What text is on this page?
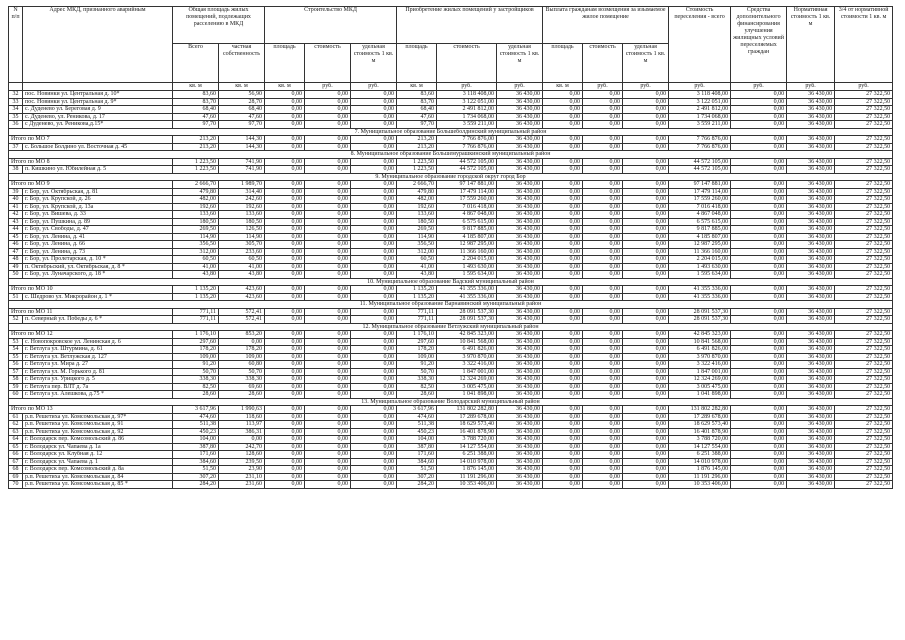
N п/п	Адрес МКД, признанного аварийным	Общая площадь жилых помещений, подлежащих расселению в МКД		Строительство МКД			Приобретение жилых помещений у застройщиков			Выплата гражданам возмещения за изымаемое жилое помещение			Стоимость переселения - всего	Средства дополнительного финансирования улучшения жилищных условий переселяемых граждан	Нормативная стоимость 1 кв. м	3/4 от нормативной стоимости 1 кв. м
		Всего	частная собственность	площадь	стоимость	удельная стоимость 1 кв. м	площадь	стоимость	удельная стоимость 1 кв. м	площадь	стоимость	удельная стоимость 1 кв. м				
		кв. м	кв. м	кв. м	руб.	руб.	кв. м	руб.	руб.	кв. м	руб.	руб.	руб.	руб.	руб.	руб.
32	пос. Новинки ул. Центральная д. 10*	83,60	56,90	0,00	0,00	0,00	83,60	3 118 408,00	36 430,00	0,00	0,00	0,00	3 118 408,00	0,00	36 430,00	27 322,50
33	пос. Новинки ул. Центральная д. 9*	83,70	28,70	0,00	0,00	0,00	83,70	3 122 051,00	36 430,00	0,00	0,00	0,00	3 122 051,00	0,00	36 430,00	27 322,50
34	с. Дуденево ул. Береговая д. 9	68,40	68,40	0,00	0,00	0,00	68,40	2 491 812,00	36 430,00	0,00	0,00	0,00	2 491 812,00	0,00	36 430,00	27 322,50
35	с. Дуденево, ул. Реникова, д. 17	47,60	47,60	0,00	0,00	0,00	47,60	1 734 068,00	36 430,00	0,00	0,00	0,00	1 734 068,00	0,00	36 430,00	27 322,50
36	с Дуденево, ул. Реникова,д.15*	97,70	97,70	0,00	0,00	0,00	97,70	3 559 211,00	36 430,00	0,00	0,00	0,00	3 559 211,00	0,00	36 430,00	27 322,50
7. Муниципальное образование Большеболдинский муниципальный район																
Итого по МО 7		213,20	144,30	0,00	0,00	0,00	213,20	7 766 876,00	36 430,00	0,00	0,00	0,00	7 766 876,00	0,00	36 430,00	27 322,50
37	с. Большое Болдино ул. Восточная д. 45	213,20	144,30	0,00	0,00	0,00	213,20	7 766 876,00	36 430,00	0,00	0,00	0,00	7 766 876,00	0,00	36 430,00	27 322,50
8. Муниципальное образование Большемурашкинский муниципальный район																
Итого по МО 8		1 223,50	741,90	0,00	0,00	0,00	1 223,50	44 572 105,00	36 430,00	0,00	0,00	0,00	44 572 105,00	0,00	36 430,00	27 322,50
38	п. Кишкино ул. Юбилейная д. 5	1 223,50	741,90	0,00	0,00	0,00	1 223,50	44 572 105,00	36 430,00	0,00	0,00	0,00	44 572 105,00	0,00	36 430,00	27 322,50
9. Муниципальное образование городской округ город Бор																
Итого по МО 9		2 666,70	1 989,70	0,00	0,00	0,00	2 666,70	97 147 881,00	36 430,00	0,00	0,00	0,00	97 147 881,00	0,00	36 430,00	27 322,50
39	г. Бор, ул. Октябрьская, д. 81	479,80	314,40	0,00	0,00	0,00	479,80	17 479 114,00	36 430,00	0,00	0,00	0,00	17 479 114,00	0,00	36 430,00	27 322,50
40	г. Бор, ул. Крупской, д. 26	482,00	242,60	0,00	0,00	0,00	482,00	17 559 260,00	36 430,00	0,00	0,00	0,00	17 559 260,00	0,00	36 430,00	27 322,50
41	г. Бор, ул. Крупской, д. 13а	192,60	192,60	0,00	0,00	0,00	192,60	7 016 418,00	36 430,00	0,00	0,00	0,00	7 016 418,00	0,00	36 430,00	27 322,50
42	г. Бор, ул. Вишева, д. 33	133,60	133,60	0,00	0,00	0,00	133,60	4 867 048,00	36 430,00	0,00	0,00	0,00	4 867 048,00	0,00	36 430,00	27 322,50
43	г. Бор, ул. Пушкина, д. 89	180,50	180,50	0,00	0,00	0,00	180,50	6 575 615,00	36 430,00	0,00	0,00	0,00	6 575 615,00	0,00	36 430,00	27 322,50
44	г. Бор, ул. Свободы, д. 47	269,50	126,50	0,00	0,00	0,00	269,50	9 817 885,00	36 430,00	0,00	0,00	0,00	9 817 885,00	0,00	36 430,00	27 322,50
45	г. Бор, ул. Ленина, д. 41	114,90	114,90	0,00	0,00	0,00	114,90	4 185 807,00	36 430,00	0,00	0,00	0,00	4 185 807,00	0,00	36 430,00	27 322,50
46	г. Бор, ул. Ленина, д. 66	356,50	305,70	0,00	0,00	0,00	356,50	12 987 295,00	36 430,00	0,00	0,00	0,00	12 987 295,00	0,00	36 430,00	27 322,50
47	г. Бор, ул. Ленина, д. 73	312,00	233,60	0,00	0,00	0,00	312,00	11 366 160,00	36 430,00	0,00	0,00	0,00	11 366 160,00	0,00	36 430,00	27 322,50
48	г. Бор, ул. Пролетарская, д. 10 *	60,50	60,50	0,00	0,00	0,00	60,50	2 204 015,00	36 430,00	0,00	0,00	0,00	2 204 015,00	0,00	36 430,00	27 322,50
49	п. Октябрьский, ул. Октябрьская, д. 8 *	41,00	41,00	0,00	0,00	0,00	41,00	1 493 630,00	36 430,00	0,00	0,00	0,00	1 493 630,00	0,00	36 430,00	27 322,50
50	г. Бор, ул. Луначарского, д. 18 *	43,80	43,80	0,00	0,00	0,00	43,80	1 595 634,00	36 430,00	0,00	0,00	0,00	1 595 634,00	0,00	36 430,00	27 322,50
10. Муниципальное образование Вадский муниципальный район																
Итого по МО 10		1 135,20	423,60	0,00	0,00	0,00	1 135,20	41 355 336,00	36 430,00	0,00	0,00	0,00	41 355 336,00	0,00	36 430,00	27 322,50
51	с. Шедрово ул. Микрорайон д. 1 *	1 135,20	423,60	0,00	0,00	0,00	1 135,20	41 355 336,00	36 430,00	0,00	0,00	0,00	41 355 336,00	0,00	36 430,00	27 322,50
11. Муниципальное образование Варнавинский муниципальный район																
Итого по МО 11		771,11	572,41	0,00	0,00	0,00	771,11	28 091 537,30	36 430,00	0,00	0,00	0,00	28 091 537,30	0,00	36 430,00	27 322,50
52	п. Северный ул. Победы д. 6 *	771,11	572,41	0,00	0,00	0,00	771,11	28 091 537,30	36 430,00	0,00	0,00	0,00	28 091 537,30	0,00	36 430,00	27 322,50
12. Муниципальное образование Ветлужский муниципальный район																
Итого по МО 12		1 176,10	853,20	0,00	0,00	0,00	1 176,10	42 845 323,00	36 430,00	0,00	0,00	0,00	42 845 323,00	0,00	36 430,00	27 322,50
53	с. Новопокровское ул. Ленинская д. 6	297,60	0,00	0,00	0,00	0,00	297,60	10 841 568,00	36 430,00	0,00	0,00	0,00	10 841 568,00	0,00	36 430,00	27 322,50
54	г. Ветлуга ул. Штурмина, д. 61	178,20	178,20	0,00	0,00	0,00	178,20	6 491 826,00	36 430,00	0,00	0,00	0,00	6 491 826,00	0,00	36 430,00	27 322,50
55	г. Ветлуга ул. Ветлужская д. 127	109,00	109,00	0,00	0,00	0,00	109,00	3 970 870,00	36 430,00	0,00	0,00	0,00	3 970 870,00	0,00	36 430,00	27 322,50
56	г. Ветлуга ул. Мира д. 27	91,20	60,80	0,00	0,00	0,00	91,20	3 322 416,00	36 430,00	0,00	0,00	0,00	3 322 416,00	0,00	36 430,00	27 322,50
57	г. Ветлуга ул. М. Горького д. 81	50,70	50,70	0,00	0,00	0,00	50,70	1 847 001,00	36 430,00	0,00	0,00	0,00	1 847 001,00	0,00	36 430,00	27 322,50
58	г. Ветлуга ул. Урицкого д. 5	338,30	338,30	0,00	0,00	0,00	338,30	12 324 269,00	36 430,00	0,00	0,00	0,00	12 324 269,00	0,00	36 430,00	27 322,50
59	г. Ветлуга пер. ВЛТ д. 7а	82,50	69,60	0,00	0,00	0,00	82,50	3 005 475,00	36 430,00	0,00	0,00	0,00	3 005 475,00	0,00	36 430,00	27 322,50
60	г. Ветлуга ул. Алешкова, д.75 *	28,60	28,60	0,00	0,00	0,00	28,60	1 041 898,00	36 430,00	0,00	0,00	0,00	1 041 898,00	0,00	36 430,00	27 322,50
13. Муниципальное образование Володарский муниципальный район																
Итого по МО 13		3 617,96	1 990,63	0,00	0,00	0,00	3 617,96	131 802 282,80	36 430,00	0,00	0,00	0,00	131 802 282,80	0,00	36 430,00	27 322,50
61	р.п. Решетиха ул. Комсомольская д. 97*	474,60	118,60	0,00	0,00	0,00	474,60	17 289 678,00	36 430,00	0,00	0,00	0,00	17 289 678,00	0,00	36 430,00	27 322,50
62	р.п. Решетиха ул. Комсомольская д. 91	511,38	113,97	0,00	0,00	0,00	511,38	18 629 573,40	36 430,00	0,00	0,00	0,00	18 629 573,40	0,00	36 430,00	27 322,50
63	р.п. Решетиха ул. Комсомольская д. 92	450,23	386,31	0,00	0,00	0,00	450,23	16 401 878,90	36 430,00	0,00	0,00	0,00	16 401 878,90	0,00	36 430,00	27 322,50
64	г. Володарск пер. Комсомольский д. 86	104,00	0,00	0,00	0,00	0,00	104,00	3 788 720,00	36 430,00	0,00	0,00	0,00	3 788 720,00	0,00	36 430,00	27 322,50
65	г. Володарск ул. Чапаева д. 1а	387,80	242,70	0,00	0,00	0,00	387,80	14 127 554,00	36 430,00	0,00	0,00	0,00	14 127 554,00	0,00	36 430,00	27 322,50
66	г. Володарск ул. Клубная д. 12	171,60	128,60	0,00	0,00	0,00	171,60	6 251 388,00	36 430,00	0,00	0,00	0,00	6 251 388,00	0,00	36 430,00	27 322,50
67	г. Володарск ул. Чапаева д. 1	384,60	239,50	0,00	0,00	0,00	384,60	14 010 978,00	36 430,00	0,00	0,00	0,00	14 010 978,00	0,00	36 430,00	27 322,50
68	г. Володарск пер. Комсомольский д. 8а	51,50	23,90	0,00	0,00	0,00	51,50	1 876 145,00	36 430,00	0,00	0,00	0,00	1 876 145,00	0,00	36 430,00	27 322,50
69	р.п. Решетиха ул. Комсомольская д. 84	307,20	231,10	0,00	0,00	0,00	307,20	11 191 296,00	36 430,00	0,00	0,00	0,00	11 191 296,00	0,00	36 430,00	27 322,50
70	р.п. Решетиха ул. Комсомольская д. 85 *	284,20	231,60	0,00	0,00	0,00	284,20	10 353 406,00	36 430,00	0,00	0,00	0,00	10 353 406,00	0,00	36 430,00	27 322,50
